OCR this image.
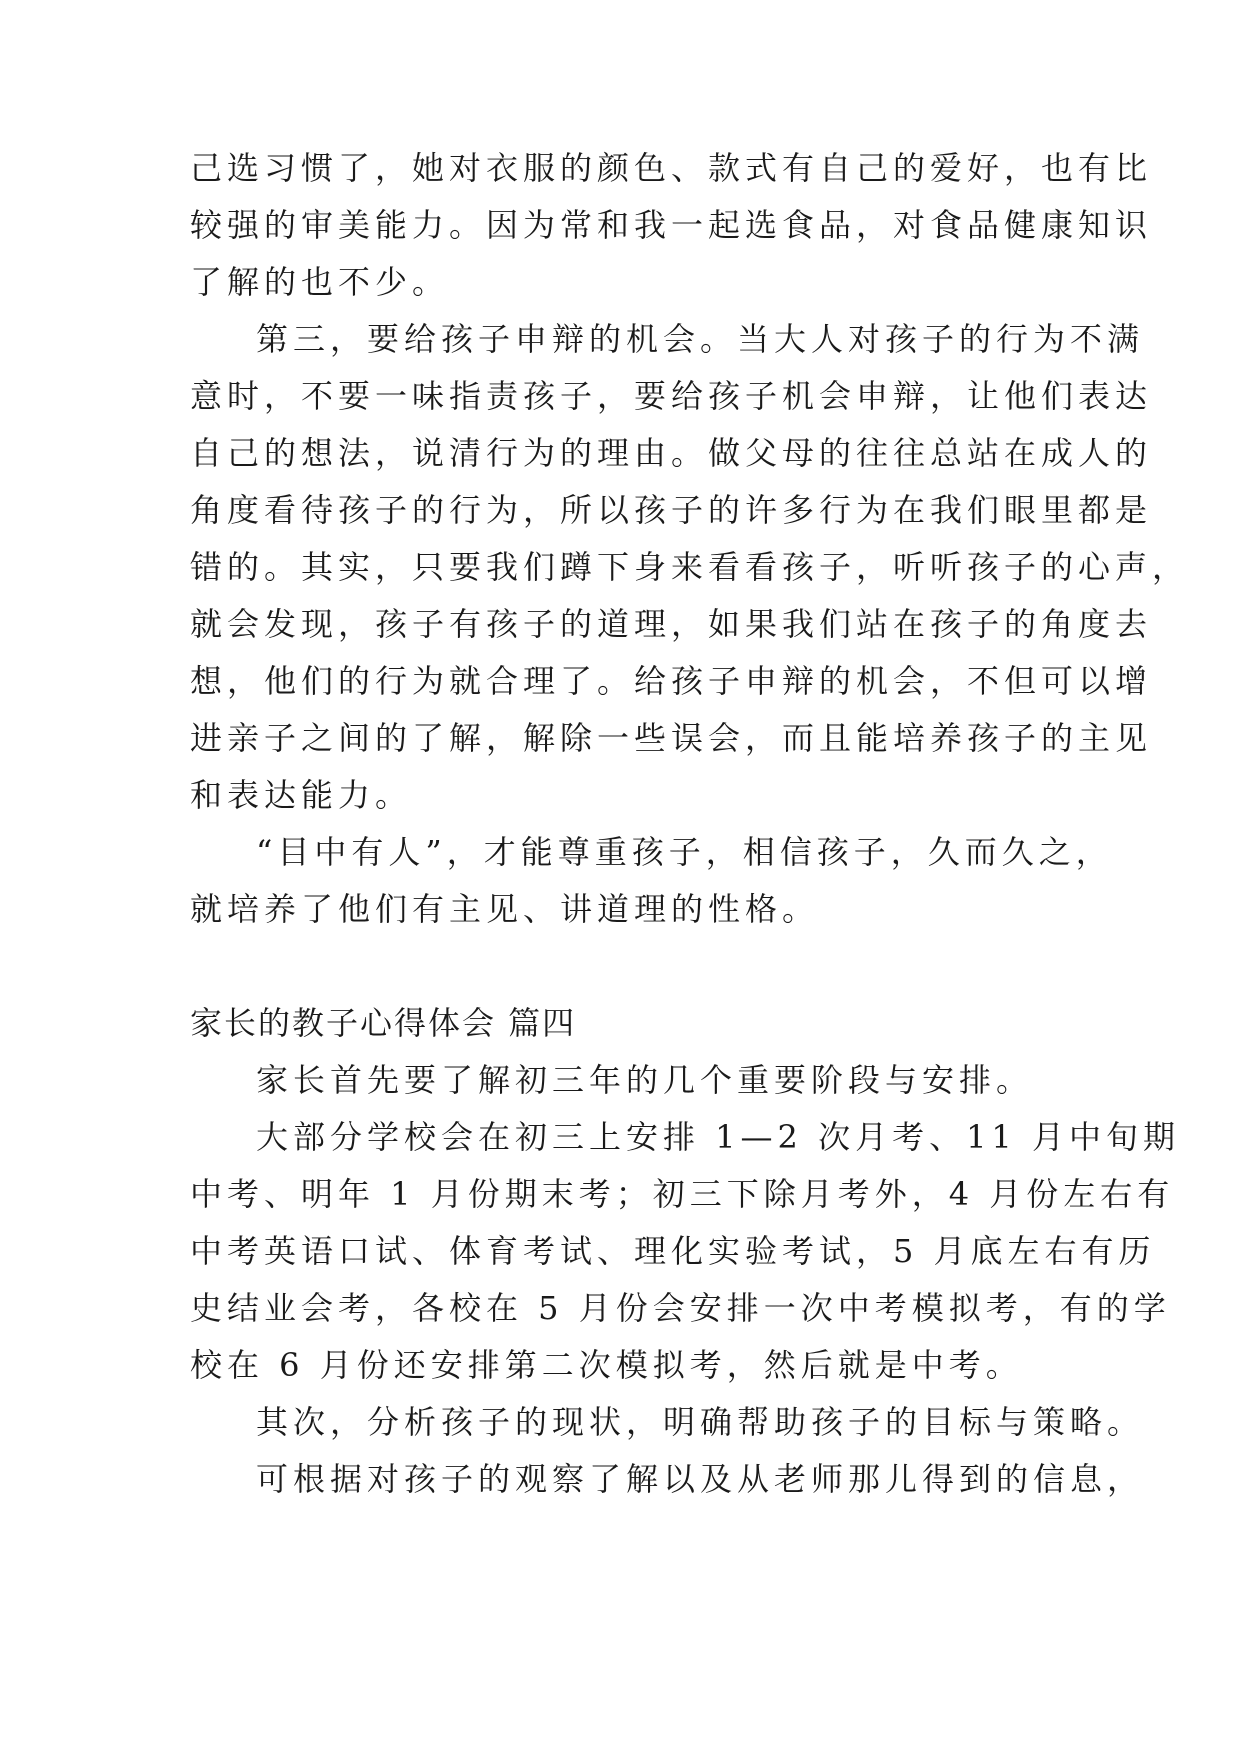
己选习惯了，她对衣服的颜色、款式有自己的爱好，也有比
较强的审美能力。因为常和我一起选食品，对食品健康知识
了解的也不少。
第三，要给孩子申辩的机会。当大人对孩子的行为不满
意时，不要一味指责孩子，要给孩子机会申辩，让他们表达
自己的想法，说清行为的理由。做父母的往往总站在成人的
角度看待孩子的行为，所以孩子的许多行为在我们眼里都是
错的。其实，只要我们蹲下身来看看孩子，听听孩子的心声，
就会发现，孩子有孩子的道理，如果我们站在孩子的角度去
想，他们的行为就合理了。给孩子申辩的机会，不但可以增
进亲子之间的了解，解除一些误会，而且能培养孩子的主见
和表达能力。
“目中有人”，才能尊重孩子，相信孩子，久而久之，
就培养了他们有主见、讲道理的性格。
家长的教子心得体会 篇四
家长首先要了解初三年的几个重要阶段与安排。
大部分学校会在初三上安排 1—2 次月考、11 月中旬期
中考、明年 1 月份期末考；初三下除月考外，4 月份左右有
中考英语口试、体育考试、理化实验考试，5 月底左右有历
史结业会考，各校在 5 月份会安排一次中考模拟考，有的学
校在 6 月份还安排第二次模拟考，然后就是中考。
其次，分析孩子的现状，明确帮助孩子的目标与策略。
可根据对孩子的观察了解以及从老师那儿得到的信息，
